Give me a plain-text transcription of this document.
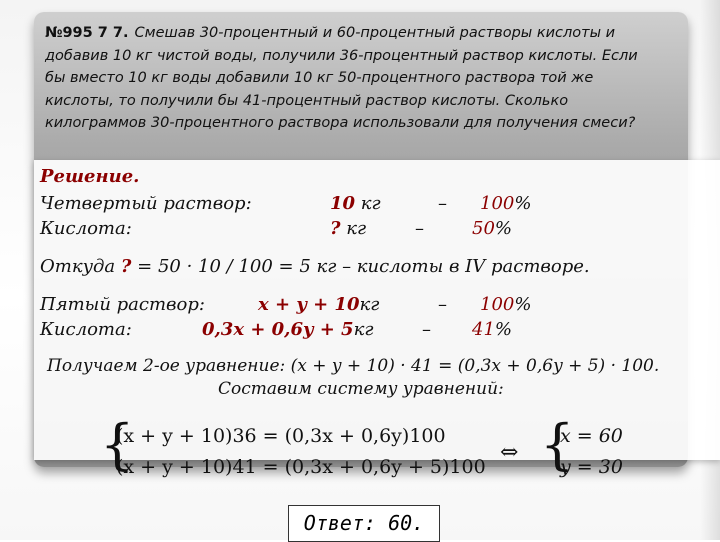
№995 7 7. Смешав 30-процентный и 60-процентный растворы кислоты и
добавив 10 кг чистой воды, получили 36-процентный раствор кислоты. Если
бы вместо 10 кг воды добавили 10 кг 50-процентного раствора той же
кислоты, то получили бы 41-процентный раствор кислоты. Сколько
килограммов 30-процентного раствора использовали для получения смеси?
Решение.
Четвертый раствор:	10 кг	– 100%
Кислота:	? кг	–	50%
Откуда ? = 50 · 10 / 100 = 5 кг – кислоты в IV растворе.
Пятый раствор:	x + y + 10кг	– 100%
Кислота:	0,3x + 0,6y + 5кг	– 41%
Получаем 2-ое уравнение: (x + y + 10) · 41 = (0,3x + 0,6y + 5) · 100.
Составим систему уравнений:
{
(x + y + 10)36 = (0,3x + 0,6y)100
(x + y + 10)41 = (0,3x + 0,6y + 5)100
⇔ {
x = 60
y = 30
Ответ: 60.
